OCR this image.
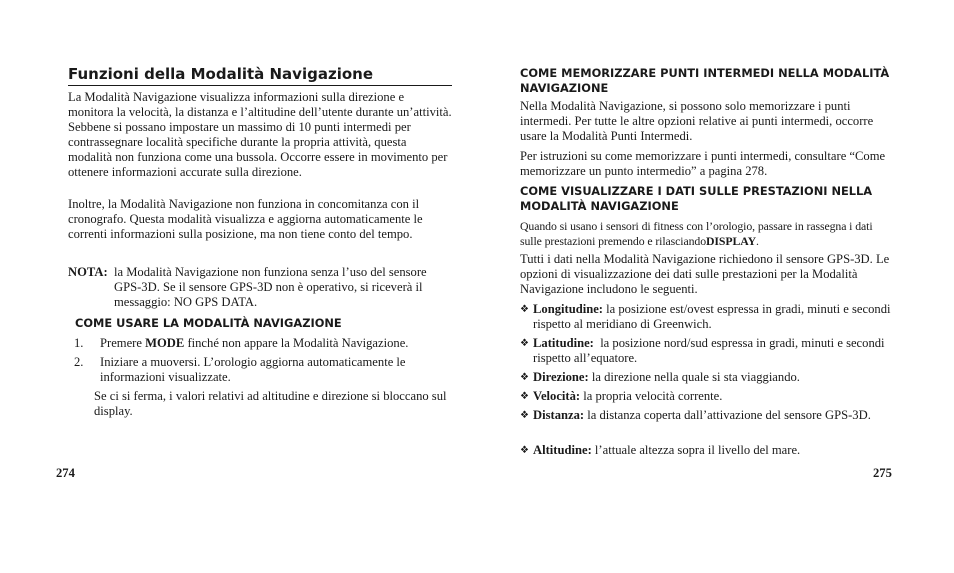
Funzioni della Modalità Navigazione

La Modalità Navigazione visualizza informazioni sulla direzione e monitora la velocità, la distanza e l’altitudine dell’utente durante un’attività. Sebbene si possano impostare un massimo di 10 punti intermedi per contrassegnare località specifiche durante la propria attività, questa modalità non funziona come una bussola. Occorre essere in movimento per ottenere informazioni accurate sulla direzione.

Inoltre, la Modalità Navigazione non funziona in concomitanza con il cronografo. Questa modalità visualizza e aggiorna automaticamente le correnti informazioni sulla posizione, ma non tiene conto del tempo.

NOTA: la Modalità Navigazione non funziona senza l’uso del sensore GPS-3D. Se il sensore GPS-3D non è operativo, si riceverà il messaggio: NO GPS DATA.
COME USARE LA MODALITÀ NAVIGAZIONE
1.	Premere MODE finché non appare la Modalità Navigazione.
2.	Iniziare a muoversi. L’orologio aggiorna automaticamente le informazioni visualizzate.

Se ci si ferma, i valori relativi ad altitudine e direzione si bloccano sul display.

274
COME MEMORIZZARE PUNTI INTERMEDI NELLA MODALITÀ NAVIGAZIONE

Nella Modalità Navigazione, si possono solo memorizzare i punti intermedi. Per tutte le altre opzioni relative ai punti intermedi, occorre usare la Modalità Punti Intermedi.

Per istruzioni su come memorizzare i punti intermedi, consultare “Come memorizzare un punto intermedio” a pagina 278.

COME VISUALIZZARE I DATI SULLE PRESTAZIONI NELLA MODALITÀ NAVIGAZIONE

Quando si usano i sensori di fitness con l’orologio, passare in rassegna i dati sulle prestazioni premendo e rilasciandoDISPLAY.

Tutti i dati nella Modalità Navigazione richiedono il sensore GPS-3D. Le opzioni di visualizzazione dei dati sulle prestazioni per la Modalità Navigazione includono le seguenti.

❖ Longitudine: la posizione est/ovest espressa in gradi, minuti e secondi rispetto al meridiano di Greenwich.
❖ Latitudine:  la posizione nord/sud espressa in gradi, minuti e secondi rispetto all’equatore.
❖ Direzione: la direzione nella quale si sta viaggiando.
❖ Velocità: la propria velocità corrente.
❖ Distanza: la distanza coperta dall’attivazione del sensore GPS-3D.
❖ Altitudine: l’attuale altezza sopra il livello del mare.
275
